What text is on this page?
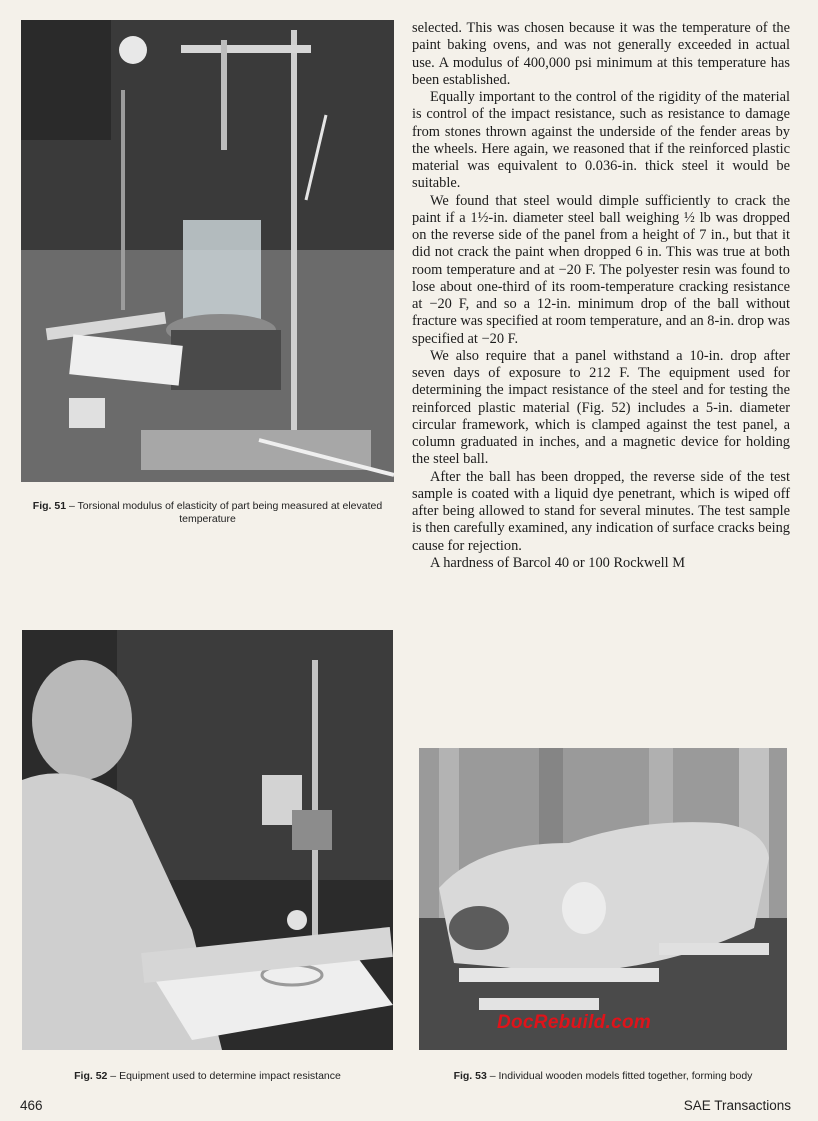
Fig. 51 – Torsional modulus of elasticity of part being measured at elevated temperature
Fig. 52 – Equipment used to determine impact resistance

selected. This was chosen because it was the temperature of the paint baking ovens, and was not generally exceeded in actual use. A modulus of 400,000 psi minimum at this temperature has been established.

Equally important to the control of the rigidity of the material is control of the impact resistance, such as resistance to damage from stones thrown against the underside of the fender areas by the wheels. Here again, we reasoned that if the reinforced plastic material was equivalent to 0.036-in. thick steel it would be suitable.

We found that steel would dimple sufficiently to crack the paint if a 1½-in. diameter steel ball weighing ½ lb was dropped on the reverse side of the panel from a height of 7 in., but that it did not crack the paint when dropped 6 in. This was true at both room temperature and at −20 F. The polyester resin was found to lose about one-third of its room-temperature cracking resistance at −20 F, and so a 12-in. minimum drop of the ball without fracture was specified at room temperature, and an 8-in. drop was specified at −20 F.

We also require that a panel withstand a 10-in. drop after seven days of exposure to 212 F. The equipment used for determining the impact resistance of the steel and for testing the reinforced plastic material (Fig. 52) includes a 5-in. diameter circular framework, which is clamped against the test panel, a column graduated in inches, and a magnetic device for holding the steel ball.

After the ball has been dropped, the reverse side of the test sample is coated with a liquid dye penetrant, which is wiped off after being allowed to stand for several minutes. The test sample is then carefully examined, any indication of surface cracks being cause for rejection.

A hardness of Barcol 40 or 100 Rockwell M

Fig. 53 – Individual wooden models fitted together, forming body
DocRebuild.com
466	SAE Transactions
